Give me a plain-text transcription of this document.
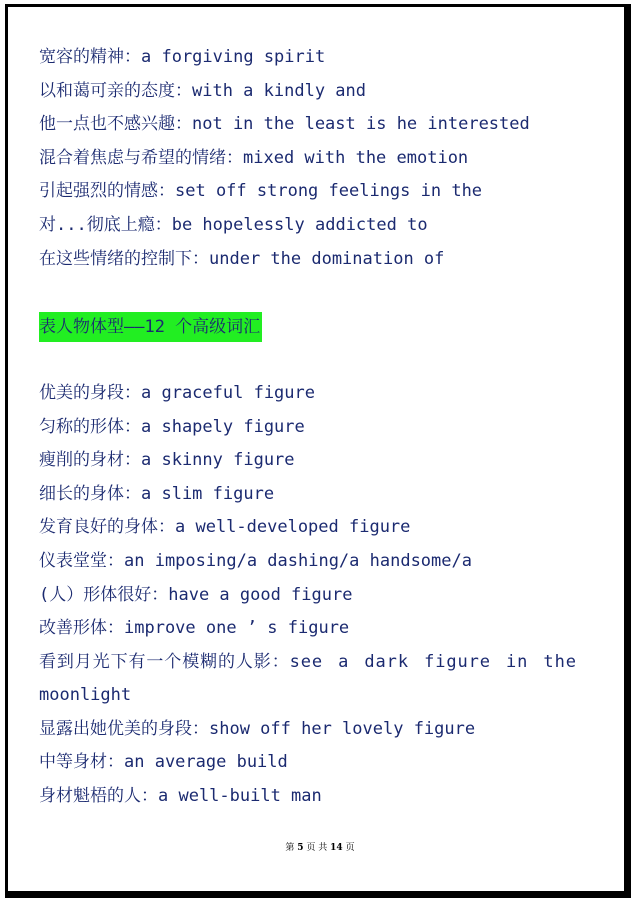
宽容的精神：a forgiving spirit
以和蔼可亲的态度：with a kindly and
他一点也不感兴趣：not in the least is he interested
混合着焦虑与希望的情绪：mixed with the emotion
引起强烈的情感：set off strong feelings in the
对...彻底上瘾：be hopelessly addicted to
在这些情绪的控制下：under the domination of
表人物体型——12 个高级词汇
优美的身段：a graceful figure
匀称的形体：a shapely figure
瘦削的身材：a skinny figure
细长的身体：a slim figure
发育良好的身体：a well-developed figure
仪表堂堂：an imposing/a dashing/a handsome/a
(人）形体很好：have a good figure
改善形体：improve one ’ s figure
看到月光下有一个模糊的人影：see a dark figure in the
moonlight
显露出她优美的身段：show off her lovely figure
中等身材：an average build
身材魁梧的人：a well-built man
第 5 页 共 14 页
